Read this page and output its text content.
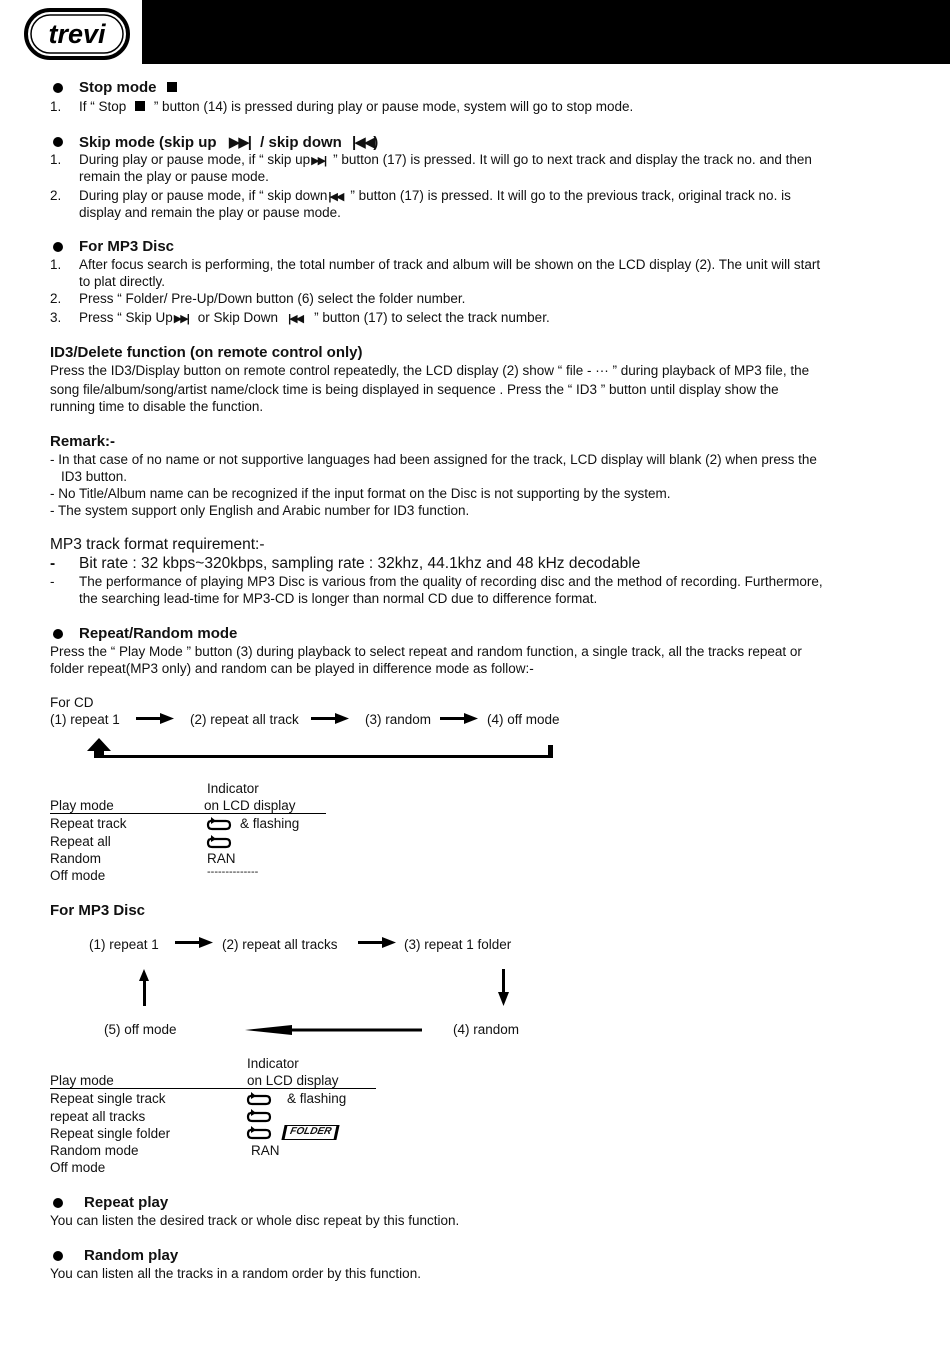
trevi
Stop mode
1. If “ Stop ” button (14) is pressed during play or pause mode, system will go to stop mode.
Skip mode (skip up ▶▶| / skip down |◀◀)
1. During play or pause mode, if “ skip up▶▶| ” button (17) is pressed. It will go to next track and display the track no. and then
remain the play or pause mode.
2. During play or pause mode, if “ skip down|◀◀ ” button (17) is pressed. It will go to the previous track, original track no. is
display and remain the play or pause mode.
For MP3 Disc
1. After focus search is performing, the total number of track and album will be shown on the LCD display (2). The unit will start
to plat directly.
2. Press “ Folder/ Pre-Up/Down button (6) select the folder number.
3. Press “ Skip Up▶▶| or Skip Down |◀◀ ” button (17) to select the track number.
ID3/Delete function (on remote control only)
Press the ID3/Display button on remote control repeatedly, the LCD display (2) show “ file - ··· ” during playback of MP3 file, the
song file/album/song/artist name/clock time is being displayed in sequence . Press the “ ID3 ” button until display show the
running time to disable the function.
Remark:-
- In that case of no name or not supportive languages had been assigned for the track, LCD display will blank (2) when press the
ID3 button.
- No Title/Album name can be recognized if the input format on the Disc is not supporting by the system.
- The system support only English and Arabic number for ID3 function.
MP3 track format requirement:-
- Bit rate : 32 kbps~320kbps, sampling rate : 32khz, 44.1khz and 48 kHz decodable
- The performance of playing MP3 Disc is various from the quality of recording disc and the method of recording. Furthermore,
the searching lead-time for MP3-CD is longer than normal CD due to difference format.
Repeat/Random mode
Press the “ Play Mode ” button (3) during playback to select repeat and random function, a single track, all the tracks repeat or
folder repeat(MP3 only) and random can be played in difference mode as follow:-
For CD
(1) repeat 1	(2) repeat all track	(3) random	(4) off mode
Indicator
Play mode	on LCD display
Repeat track	& flashing
Repeat all
Random	RAN
Off mode	--------------
For MP3 Disc
(1) repeat 1	(2) repeat all tracks	(3) repeat 1 folder
(4) random
(5) off mode
Indicator
Play mode	on LCD display
Repeat single track	& flashing
repeat all tracks
Repeat single folder	FOLDER
Random mode	RAN
Off mode
Repeat play
You can listen the desired track or whole disc repeat by this function.
Random play
You can listen all the tracks in a random order by this function.
